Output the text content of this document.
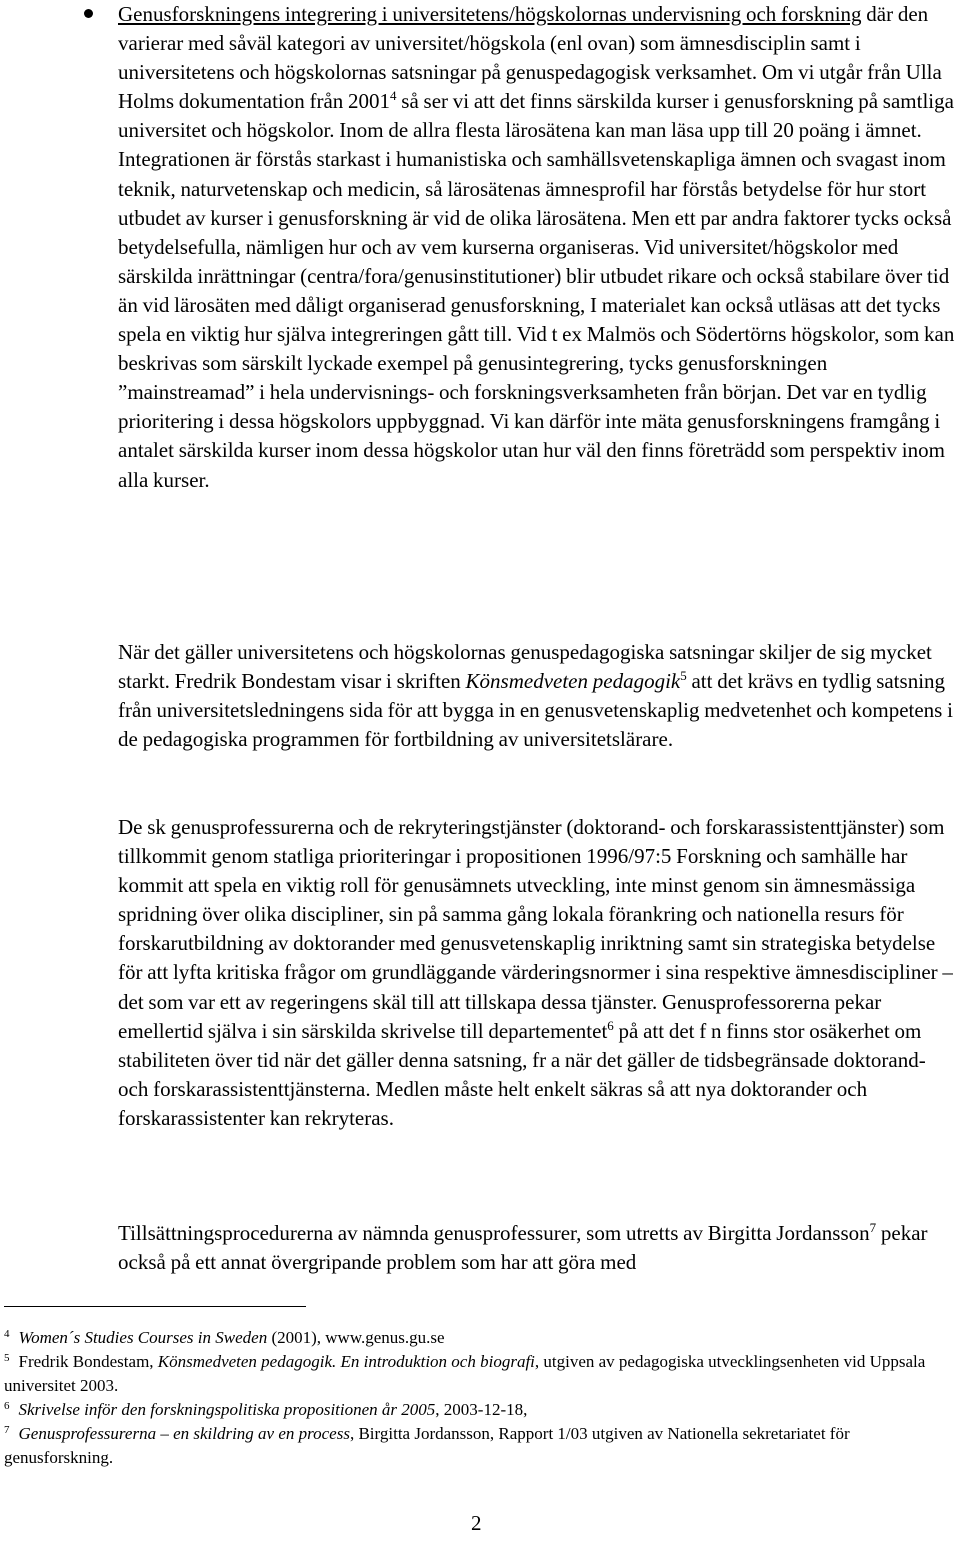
Genusforskningens integrering i universitetens/högskolornas undervisning och forskning där den varierar med såväl kategori av universitet/högskola (enl ovan) som ämnesdisciplin samt i universitetens och högskolornas satsningar på genuspedagogisk verksamhet. Om vi utgår från Ulla Holms dokumentation från 2001$^4$ så ser vi att det finns särskilda kurser i genusforskning på samtliga universitet och högskolor. Inom de allra flesta lärosätena kan man läsa upp till 20 poäng i ämnet. Integrationen är förstås starkast i humanistiska och samhällsvetenskapliga ämnen och svagast inom teknik, naturvetenskap och medicin, så lärosätenas ämnesprofil har förstås betydelse för hur stort utbudet av kurser i genusforskning är vid de olika lärosätena. Men ett par andra faktorer tycks också betydelsefulla, nämligen hur och av vem kurserna organiseras. Vid universitet/högskolor med särskilda inrättningar (centra/fora/genusinstitutioner) blir utbudet rikare och också stabilare över tid än vid lärosäten med dåligt organiserad genusforskning, I materialet kan också utläsas att det tycks spela en viktig hur själva integreringen gått till. Vid t ex Malmös och Södertörns högskolor, som kan beskrivas som särskilt lyckade exempel på genusintegrering, tycks genusforskningen ”mainstreamad” i hela undervisnings- och forskningsverksamheten från början. Det var en tydlig prioritering i dessa högskolors uppbyggnad. Vi kan därför inte mäta genusforskningens framgång i antalet särskilda kurser inom dessa högskolor utan hur väl den finns företrädd som perspektiv inom alla kurser.

När det gäller universitetens och högskolornas genuspedagogiska satsningar skiljer de sig mycket starkt. Fredrik Bondestam visar i skriften Könsmedveten pedagogik$^5$ att det krävs en tydlig satsning från universitetsledningens sida för att bygga in en genusvetenskaplig medvetenhet och kompetens i de pedagogiska programmen för fortbildning av universitetslärare.

De sk genusprofessurerna och de rekryteringstjänster (doktorand- och forskarassistenttjänster) som tillkommit genom statliga prioriteringar i propositionen 1996/97:5 Forskning och samhälle har kommit att spela en viktig roll för genusämnets utveckling, inte minst genom sin ämnesmässiga spridning över olika discipliner, sin på samma gång lokala förankring och nationella resurs för forskarutbildning av doktorander med genusvetenskaplig inriktning samt sin strategiska betydelse för att lyfta kritiska frågor om grundläggande värderingsnormer i sina respektive ämnesdiscipliner – det som var ett av regeringens skäl till att tillskapa dessa tjänster. Genusprofessorerna pekar emellertid själva i sin särskilda skrivelse till departementet$^6$ på att det f n finns stor osäkerhet om stabiliteten över tid när det gäller denna satsning, fr a när det gäller de tidsbegränsade doktorand- och forskarassistenttjänsterna. Medlen måste helt enkelt säkras så att nya doktorander och forskarassistenter kan rekryteras.

Tillsättningsprocedurerna av nämnda genusprofessurer, som utretts av Birgitta Jordansson$^7$ pekar också på ett annat övergripande problem som har att göra med

$^4$ Women´s Studies Courses in Sweden (2001), www.genus.gu.se

$^5$ Fredrik Bondestam, Könsmedveten pedagogik. En introduktion och biografi, utgiven av pedagogiska utvecklingsenheten vid Uppsala universitet 2003.

$^6$ Skrivelse inför den forskningspolitiska propositionen år 2005, 2003-12-18,

$^7$ Genusprofessurerna – en skildring av en process, Birgitta Jordansson, Rapport 1/03 utgiven av Nationella sekretariatet för genusforskning.

2
